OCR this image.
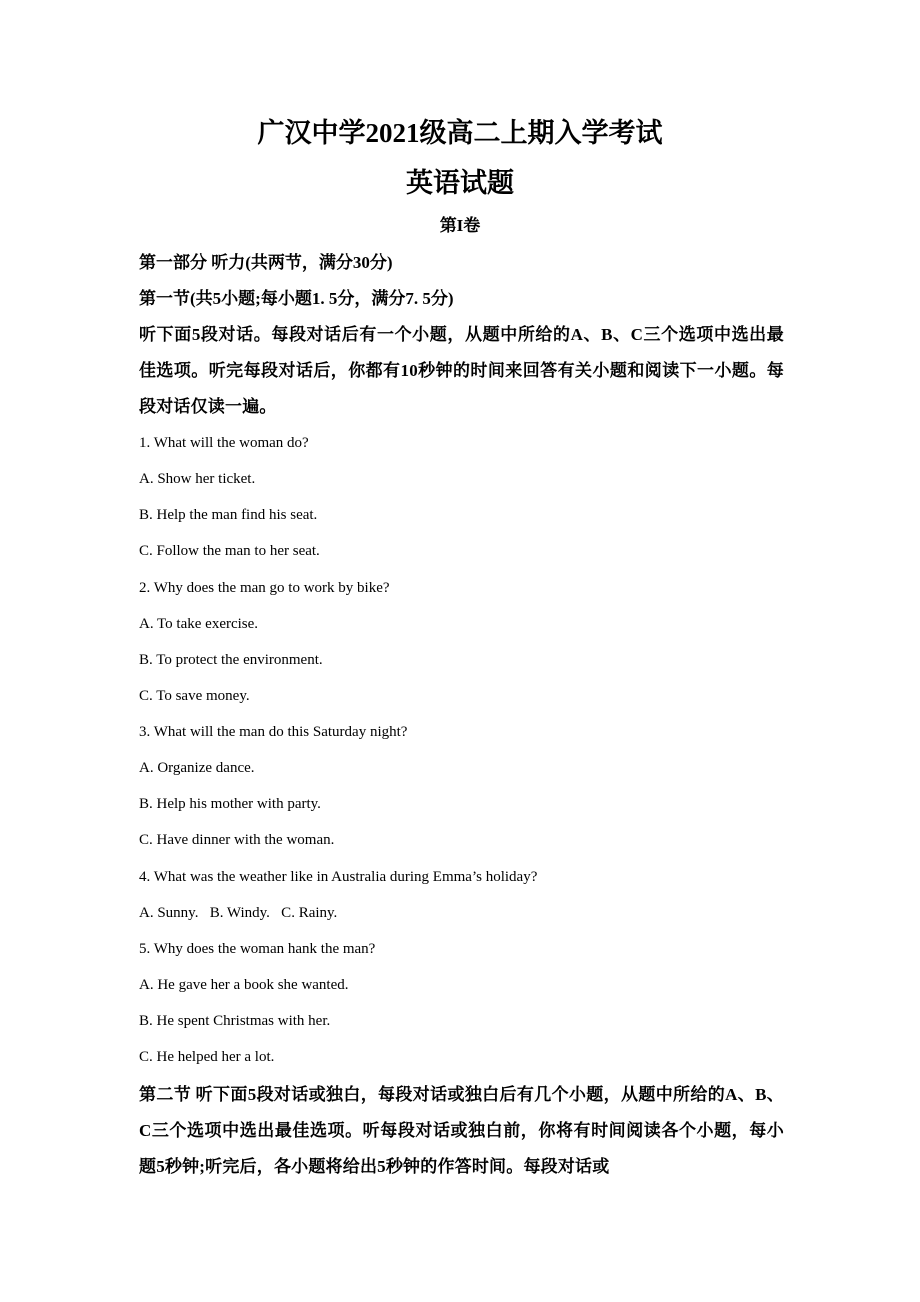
广汉中学2021级高二上期入学考试
英语试题
第I卷

第一部分 听力(共两节，满分30分)

第一节(共5小题;每小题1. 5分，满分7. 5分)

听下面5段对话。每段对话后有一个小题，从题中所给的A、B、C三个选项中选出最佳选项。听完每段对话后，你都有10秒钟的时间来回答有关小题和阅读下一小题。每段对话仅读一遍。

1. What will the woman do?

A. Show her ticket.

B. Help the man find his seat.

C. Follow the man to her seat.

2. Why does the man go to work by bike?

A. To take exercise.

B. To protect the environment.

C. To save money.

3. What will the man do this Saturday night?

A. Organize dance.

B. Help his mother with party.

C. Have dinner with the woman.

4. What was the weather like in Australia during Emma’s holiday?

A. Sunny.   B. Windy.   C. Rainy.

5. Why does the woman hank the man?

A. He gave her a book she wanted.

B. He spent Christmas with her.

C. He helped her a lot.

第二节 听下面5段对话或独白，每段对话或独白后有几个小题，从题中所给的A、B、C三个选项中选出最佳选项。听每段对话或独白前，你将有时间阅读各个小题，每小题5秒钟;听完后，各小题将给出5秒钟的作答时间。每段对话或
